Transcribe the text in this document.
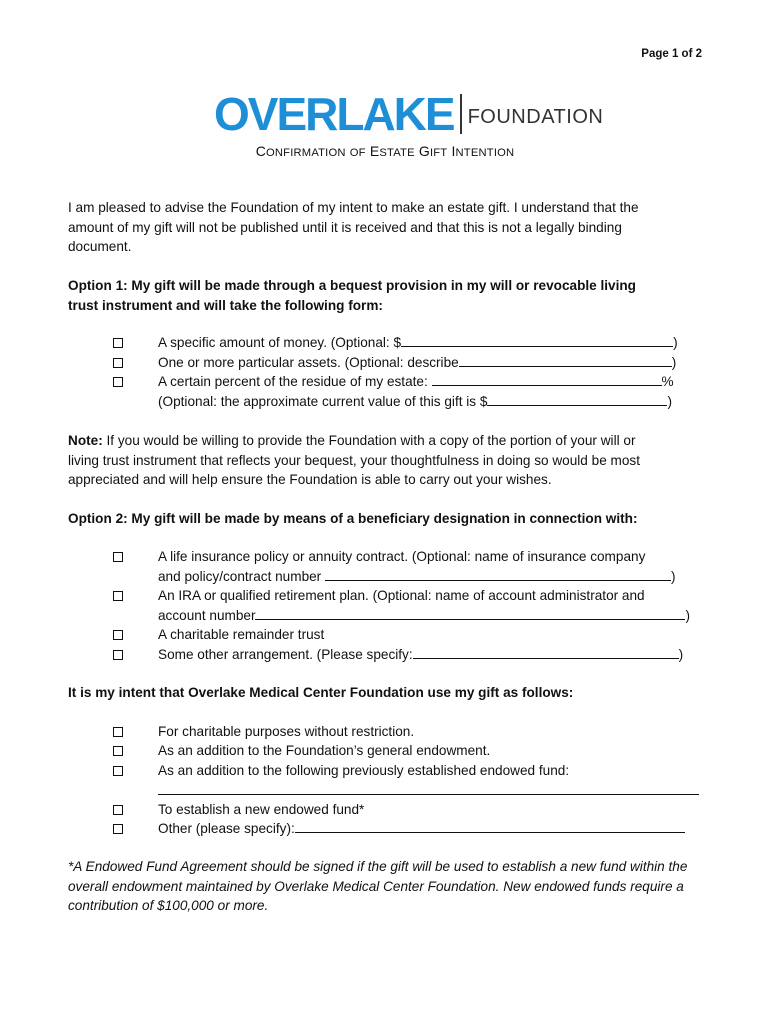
Page 1 of 2
OVERLAKE FOUNDATION
CONFIRMATION OF ESTATE GIFT INTENTION
I am pleased to advise the Foundation of my intent to make an estate gift. I understand that the
amount of my gift will not be published until it is received and that this is not a legally binding
document.
Option 1: My gift will be made through a bequest provision in my will or revocable living
trust instrument and will take the following form:
A specific amount of money. (Optional: $	)
One or more particular assets. (Optional: describe	)
A certain percent of the residue of my estate:	%
(Optional: the approximate current value of this gift is $	)
Note: If you would be willing to provide the Foundation with a copy of the portion of your will or
living trust instrument that reflects your bequest, your thoughtfulness in doing so would be most
appreciated and will help ensure the Foundation is able to carry out your wishes.
Option 2: My gift will be made by means of a beneficiary designation in connection with:
A life insurance policy or annuity contract. (Optional: name of insurance company
and policy/contract number	)
An IRA or qualified retirement plan. (Optional: name of account administrator and
account number	)
A charitable remainder trust
Some other arrangement. (Please specify:	)
It is my intent that Overlake Medical Center Foundation use my gift as follows:
For charitable purposes without restriction.
As an addition to the Foundation’s general endowment.
As an addition to the following previously established endowed fund:
To establish a new endowed fund*
Other (please specify):
*A Endowed Fund Agreement should be signed if the gift will be used to establish a new fund within the
overall endowment maintained by Overlake Medical Center Foundation. New endowed funds require a
contribution of $100,000 or more.
